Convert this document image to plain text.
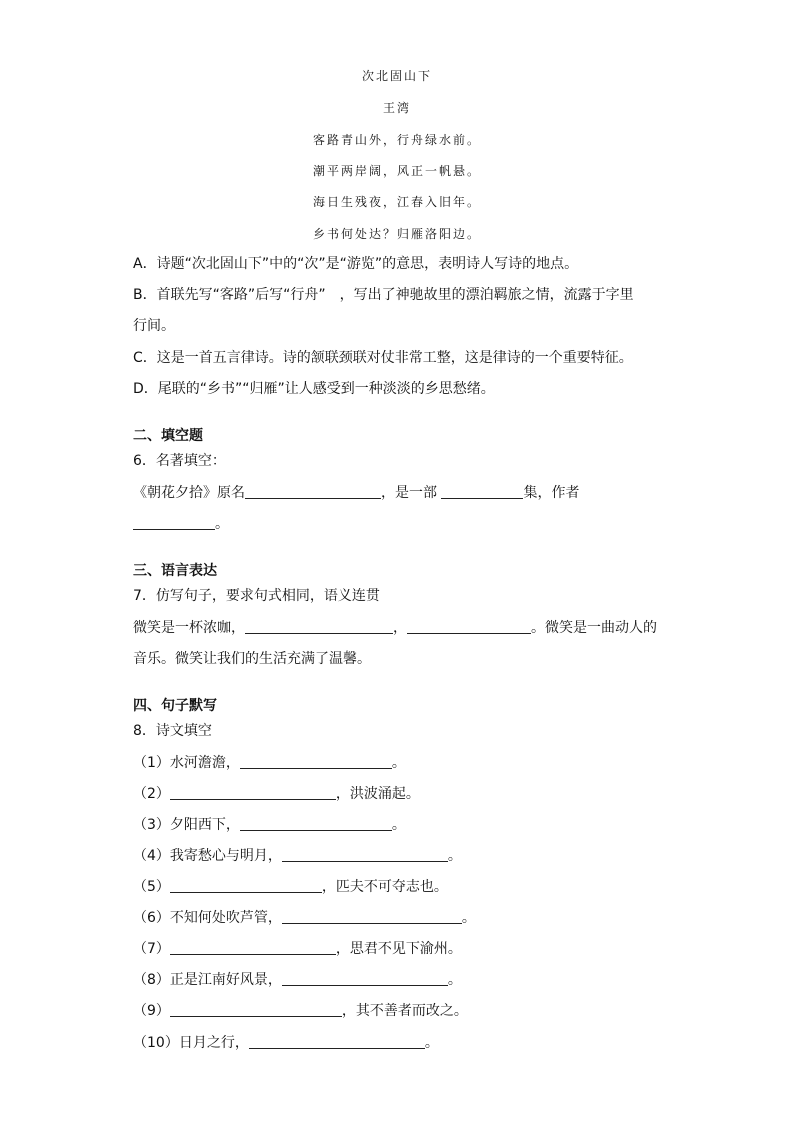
次北固山下
王湾
客路青山外，行舟绿水前。
潮平两岸阔，风正一帆悬。
海日生残夜，江春入旧年。
乡书何处达？归雁洛阳边。
A．诗题“次北固山下”中的“次”是“游览”的意思，表明诗人写诗的地点。
B．首联先写“客路”后写“行舟”　，写出了神驰故里的漂泊羁旅之情，流露于字里
行间。
C．这是一首五言律诗。诗的颔联颈联对仗非常工整，这是律诗的一个重要特征。
D．尾联的“乡书”“归雁”让人感受到一种淡淡的乡思愁绪。
二、填空题
6．名著填空：
《朝花夕拾》原名	，是一部	集，作者
。
三、语言表达
7．仿写句子，要求句式相同，语义连贯
微笑是一杯浓咖，	，	。微笑是一曲动人的
音乐。微笑让我们的生活充满了温馨。
四、句子默写
8．诗文填空
（1）水河澹澹，	。
（2）	，洪波涌起。
（3）夕阳西下，	。
（4）我寄愁心与明月，	。
（5）	，匹夫不可夺志也。
（6）不知何处吹芦管，	。
（7）	，思君不见下渝州。
（8）正是江南好风景，	。
（9）	，其不善者而改之。
（10）日月之行，	。
